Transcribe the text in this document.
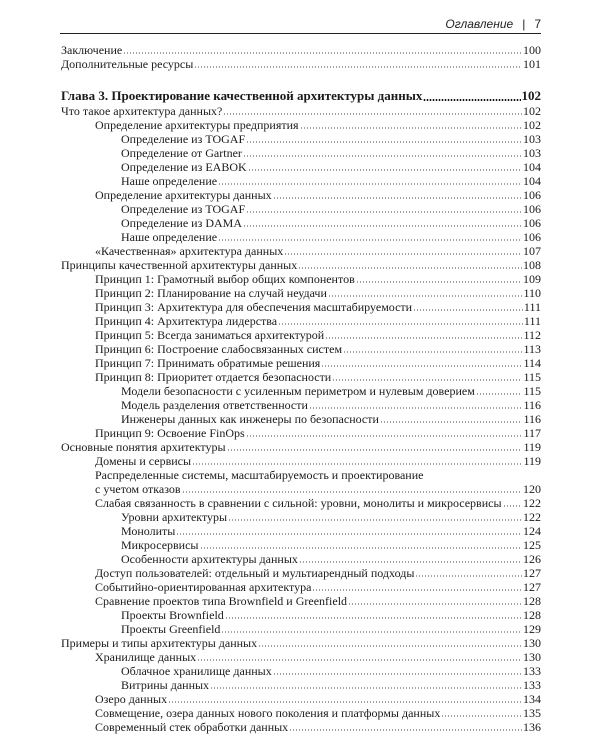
Оглавление | 7
Заключение	100
Дополнительные ресурсы	101
Глава 3. Проектирование качественной архитектуры данных	102
Что такое архитектура данных?	102
Определение архитектуры предприятия	102
Определение из TOGAF	103
Определение от Gartner	103
Определение из EABOK	104
Наше определение	104
Определение архитектуры данных	106
Определение из TOGAF	106
Определение из DAMA	106
Наше определение	106
«Качественная» архитектура данных	107
Принципы качественной архитектуры данных	108
Принцип 1: Грамотный выбор общих компонентов	109
Принцип 2: Планирование на случай неудачи	110
Принцип 3: Архитектура для обеспечения масштабируемости	111
Принцип 4: Архитектура лидерства	111
Принцип 5: Всегда заниматься архитектурой	112
Принцип 6: Построение слабосвязанных систем	113
Принцип 7: Принимать обратимые решения	114
Принцип 8: Приоритет отдается безопасности	115
Модели безопасности с усиленным периметром и нулевым доверием	115
Модель разделения ответственности	116
Инженеры данных как инженеры по безопасности	116
Принцип 9: Освоение FinOps	117
Основные понятия архитектуры	119
Домены и сервисы	119
Распределенные системы, масштабируемость и проектирование
с учетом отказов	120
Слабая связанность в сравнении с сильной: уровни, монолиты и микросервисы 122
Уровни архитектуры	122
Монолиты	124
Микросервисы	125
Особенности архитектуры данных	126
Доступ пользователей: отдельный и мультиарендный подходы	127
Событийно-ориентированная архитектура	127
Сравнение проектов типа Brownfield и Greenfield	128
Проекты Brownfield	128
Проекты Greenfield	129
Примеры и типы архитектуры данных	130
Хранилище данных	130
Облачное хранилище данных	133
Витрины данных	133
Озеро данных	134
Совмещение, озера данных нового поколения и платформы данных	135
Современный стек обработки данных	136
